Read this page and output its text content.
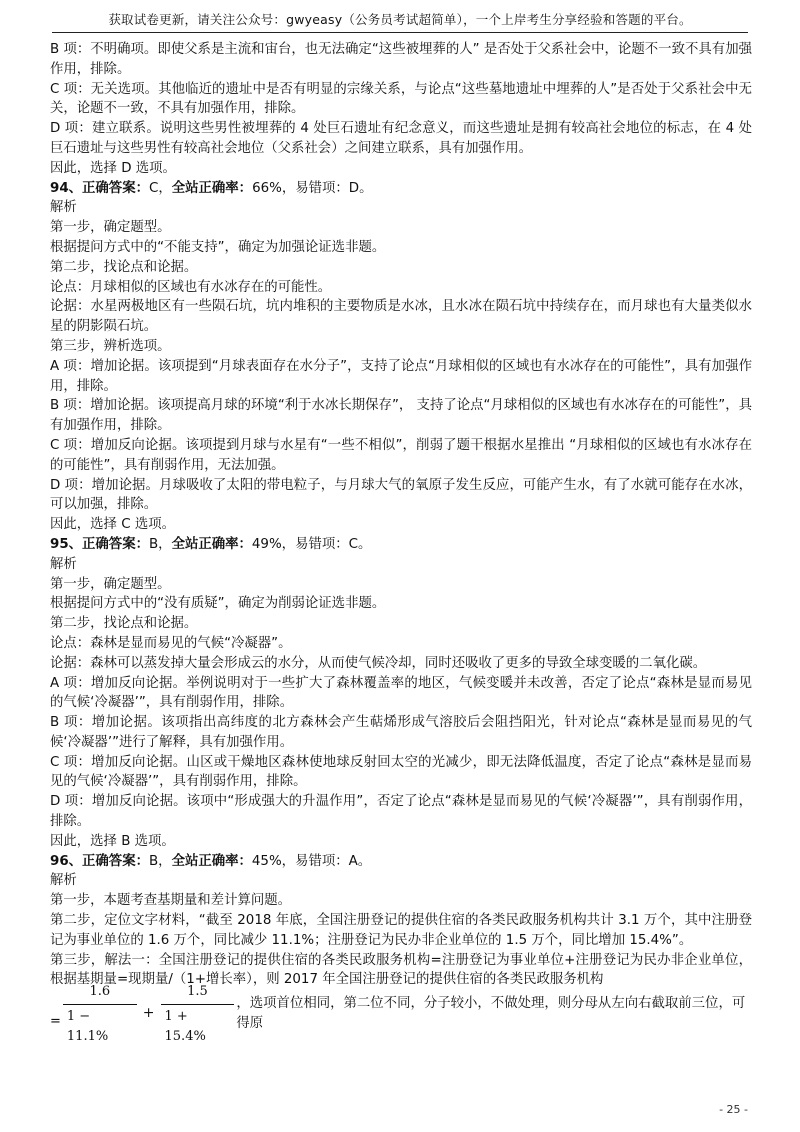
获取试卷更新，请关注公众号：gwyeasy（公务员考试超简单），一个上岸考生分享经验和答题的平台。

B 项：不明确项。即使父系是主流和宙台，也无法确定“这些被埋葬的人” 是否处于父系社会中，论题不一致不具有加强作用，排除。

C 项：无关选项。其他临近的遗址中是否有明显的宗缘关系，与论点“这些墓地遗址中埋葬的人”是否处于父系社会中无关，论题不一致，不具有加强作用，排除。

D 项：建立联系。说明这些男性被埋葬的 4 处巨石遗址有纪念意义，而这些遗址是拥有较高社会地位的标志，在 4 处巨石遗址与这些男性有较高社会地位（父系社会）之间建立联系，具有加强作用。

因此，选择 D 选项。

94、正确答案：C，全站正确率：66%，易错项：D。

解析

第一步，确定题型。

根据提问方式中的“不能支持”，确定为加强论证选非题。

第二步，找论点和论据。

论点：月球相似的区域也有水冰存在的可能性。

论据：水星两极地区有一些陨石坑，坑内堆积的主要物质是水冰，且水冰在陨石坑中持续存在，而月球也有大量类似水星的阴影陨石坑。

第三步，辨析选项。

A 项：增加论据。该项提到“月球表面存在水分子”，支持了论点“月球相似的区域也有水冰存在的可能性”，具有加强作用，排除。

B 项：增加论据。该项提高月球的环境“利于水冰长期保存”， 支持了论点“月球相似的区域也有水冰存在的可能性”，具有加强作用，排除。

C 项：增加反向论据。该项提到月球与水星有“一些不相似”，削弱了题干根据水星推出 “月球相似的区域也有水冰存在的可能性”，具有削弱作用，无法加强。

D 项：增加论据。月球吸收了太阳的带电粒子，与月球大气的氧原子发生反应，可能产生水，有了水就可能存在水冰，可以加强，排除。

因此，选择 C 选项。

95、正确答案：B，全站正确率：49%，易错项：C。

解析

第一步，确定题型。

根据提问方式中的“没有质疑”，确定为削弱论证选非题。

第二步，找论点和论据。

论点：森林是显而易见的气候“冷凝器”。

论据：森林可以蒸发掉大量会形成云的水分，从而使气候冷却，同时还吸收了更多的导致全球变暖的二氧化碳。

A 项：增加反向论据。举例说明对于一些扩大了森林覆盖率的地区，气候变暖并未改善，否定了论点“森林是显而易见的气候‘冷凝器’”，具有削弱作用，排除。

B 项：增加论据。该项指出高纬度的北方森林会产生萜烯形成气溶胶后会阻挡阳光，针对论点“森林是显而易见的气候‘冷凝器’”进行了解释，具有加强作用。

C 项：增加反向论据。山区或干燥地区森林使地球反射回太空的光减少，即无法降低温度，否定了论点“森林是显而易见的气候‘冷凝器’”，具有削弱作用，排除。

D 项：增加反向论据。该项中“形成强大的升温作用”，否定了论点“森林是显而易见的气候‘冷凝器’”，具有削弱作用，排除。

因此，选择 B 选项。

96、正确答案：B，全站正确率：45%，易错项：A。

解析

第一步，本题考查基期量和差计算问题。

第二步，定位文字材料，“截至 2018 年底，全国注册登记的提供住宿的各类民政服务机构共计 3.1 万个，其中注册登记为事业单位的 1.6 万个，同比减少 11.1%；注册登记为民办非企业单位的 1.5 万个，同比增加 15.4%”。

第三步，解法一：全国注册登记的提供住宿的各类民政服务机构=注册登记为事业单位+注册登记为民办非企业单位，根据基期量=现期量/（1+增长率），则 2017 年全国注册登记的提供住宿的各类民政服务机构

= $\frac{1.6}{1 - 11.1\%} + \frac{1.5}{1 + 15.4\%}$ ，选项首位相同，第二位不同，分子较小，不做处理，则分母从左向右截取前三位，可得原
- 25 -
